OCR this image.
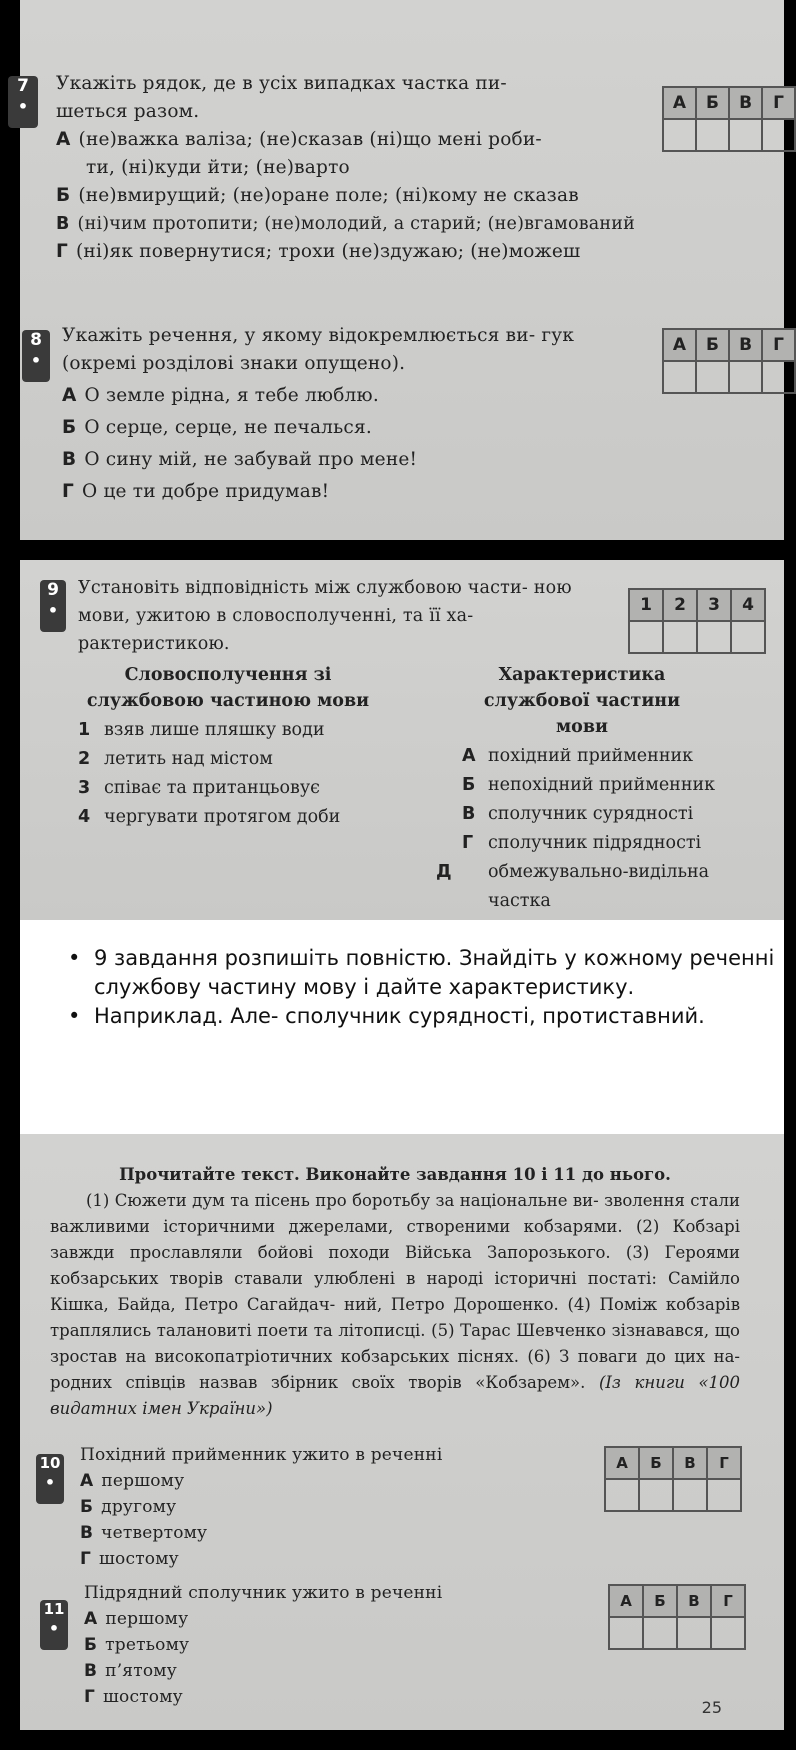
• 9 завдання розпишіть повністю. Знайдіть у кожному реченні службову частину мову і дайте характеристику.
• Наприклад. Але- сполучник сурядності, протиставний.
7
•
Укажіть рядок, де в усіх випадках частка пи- шеться разом.
А (не)важка валіза; (не)сказав (ні)що мені роби-
ти, (ні)куди йти; (не)варто
Б (не)вмирущий; (не)оране поле; (ні)кому не сказав
В (ні)чим протопити; (не)молодий, а старий; (не)вгамований
Г (ні)як повернутися; трохи (не)здужаю; (не)можеш
А	Б	В	Г

8
•
Укажіть речення, у якому відокремлюється ви- гук (окремі розділові знаки опущено).
А О земле рідна, я тебе люблю.
Б О серце, серце, не печалься.
В О сину мій, не забувай про мене!
Г О це ти добре придумав!
А	Б	В	Г

9
•
Установіть відповідність між службовою части- ною мови, ужитою в словосполученні, та її ха- рактеристикою.
1	2	3	4

Словосполучення зі службовою частиною мови
1 взяв лише пляшку води
2 летить над містом
3 співає та пританцьовує
4 чергувати протягом доби
Характеристика службової частини мови
А похідний прийменник
Б непохідний прийменник
В сполучник сурядності
Г сполучник підрядності
Д обмежувально-видільна частка
Прочитайте текст. Виконайте завдання 10 і 11 до нього.

(1) Сюжети дум та пісень про боротьбу за національне ви- зволення стали важливими історичними джерелами, створеними кобзарями. (2) Кобзарі завжди прославляли бойові походи Війська Запорозького. (3) Героями кобзарських творів ставали улюблені в народі історичні постаті: Самійло Кішка, Байда, Петро Сагайдач- ний, Петро Дорошенко. (4) Поміж кобзарів траплялись талановиті поети та літописці. (5) Тарас Шевченко зізнавався, що зростав на високопатріотичних кобзарських піснях. (6) З поваги до цих на- родних співців назвав збірник своїх творів «Кобзарем». (Із книги «100 видатних імен України»)

10
•
Похідний прийменник ужито в реченні
А першому
Б другому
В четвертому
Г шостому
А	Б	В	Г

11
•
Підрядний сполучник ужито в реченні
А першому
Б третьому
В п’ятому
Г шостому
А	Б	В	Г

25
